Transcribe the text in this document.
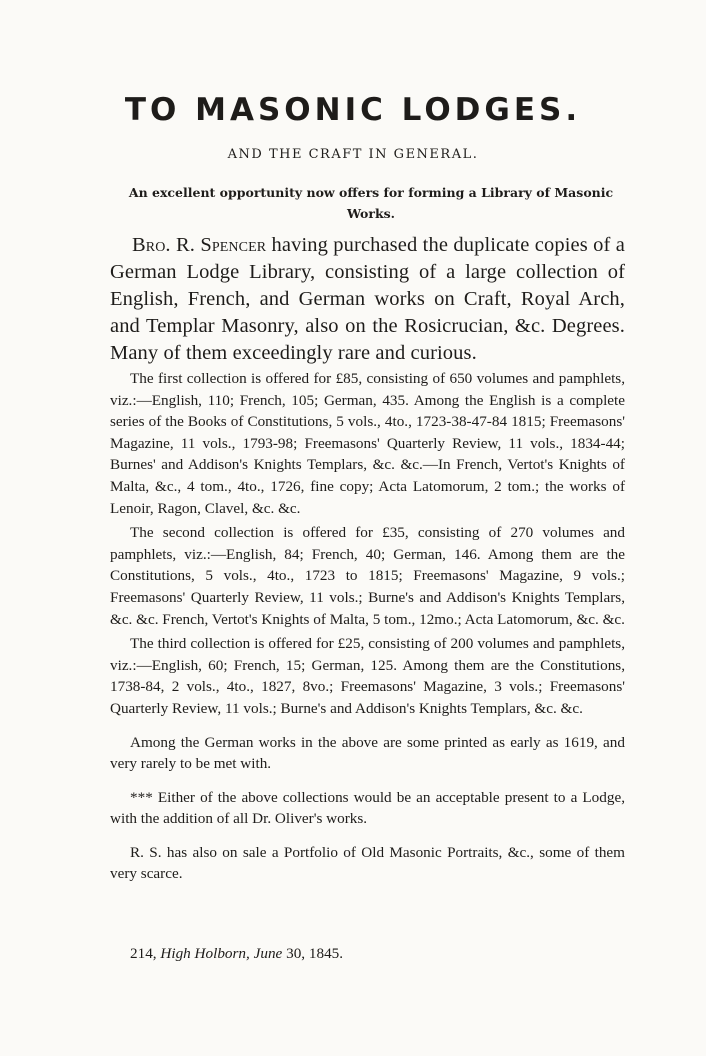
TO MASONIC LODGES.

AND THE CRAFT IN GENERAL.

An excellent opportunity now offers for forming a Library of Masonic Works.

Bro. R. Spencer having purchased the duplicate copies of a German Lodge Library, consisting of a large collection of English, French, and German works on Craft, Royal Arch, and Templar Masonry, also on the Rosicrucian, &c. Degrees. Many of them exceedingly rare and curious.

The first collection is offered for £85, consisting of 650 volumes and pamphlets, viz.:—English, 110; French, 105; German, 435. Among the English is a complete series of the Books of Constitutions, 5 vols., 4to., 1723-38-47-84 1815; Freemasons' Magazine, 11 vols., 1793-98; Freemasons' Quarterly Review, 11 vols., 1834-44; Burnes' and Addison's Knights Templars, &c. &c.—In French, Vertot's Knights of Malta, &c., 4 tom., 4to., 1726, fine copy; Acta Latomorum, 2 tom.; the works of Lenoir, Ragon, Clavel, &c. &c.

The second collection is offered for £35, consisting of 270 volumes and pamphlets, viz.:—English, 84; French, 40; German, 146. Among them are the Constitutions, 5 vols., 4to., 1723 to 1815; Freemasons' Magazine, 9 vols.; Freemasons' Quarterly Review, 11 vols.; Burne's and Addison's Knights Templars, &c. &c. French, Vertot's Knights of Malta, 5 tom., 12mo.; Acta Latomorum, &c. &c.

The third collection is offered for £25, consisting of 200 volumes and pamphlets, viz.:—English, 60; French, 15; German, 125. Among them are the Constitutions, 1738-84, 2 vols., 4to., 1827, 8vo.; Freemasons' Magazine, 3 vols.; Freemasons' Quarterly Review, 11 vols.; Burne's and Addison's Knights Templars, &c. &c.

Among the German works in the above are some printed as early as 1619, and very rarely to be met with.

*** Either of the above collections would be an acceptable present to a Lodge, with the addition of all Dr. Oliver's works.

R. S. has also on sale a Portfolio of Old Masonic Portraits, &c., some of them very scarce.

214, High Holborn, June 30, 1845.
